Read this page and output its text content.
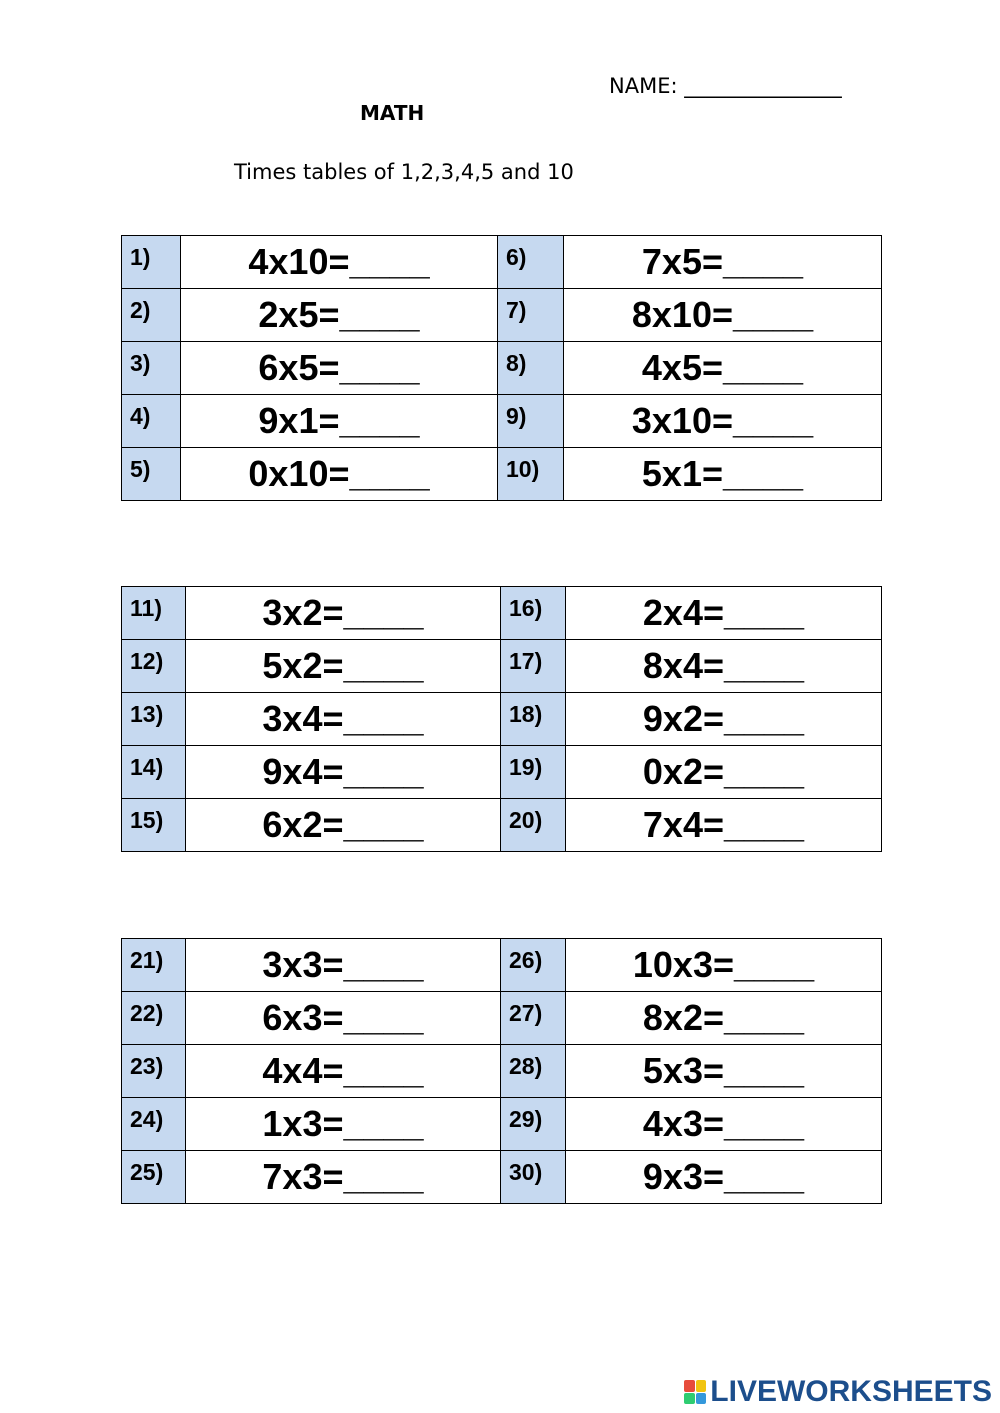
NAME: _______________
MATH
Times tables of 1,2,3,4,5 and 10
1)	4x10=____	6)	7x5=____
2)	2x5=____	7)	8x10=____
3)	6x5=____	8)	4x5=____
4)	9x1=____	9)	3x10=____
5)	0x10=____	10)	5x1=____
11)	3x2=____	16)	2x4=____
12)	5x2=____	17)	8x4=____
13)	3x4=____	18)	9x2=____
14)	9x4=____	19)	0x2=____
15)	6x2=____	20)	7x4=____
21)	3x3=____	26)	10x3=____
22)	6x3=____	27)	8x2=____
23)	4x4=____	28)	5x3=____
24)	1x3=____	29)	4x3=____
25)	7x3=____	30)	9x3=____
LIVEWORKSHEETS
